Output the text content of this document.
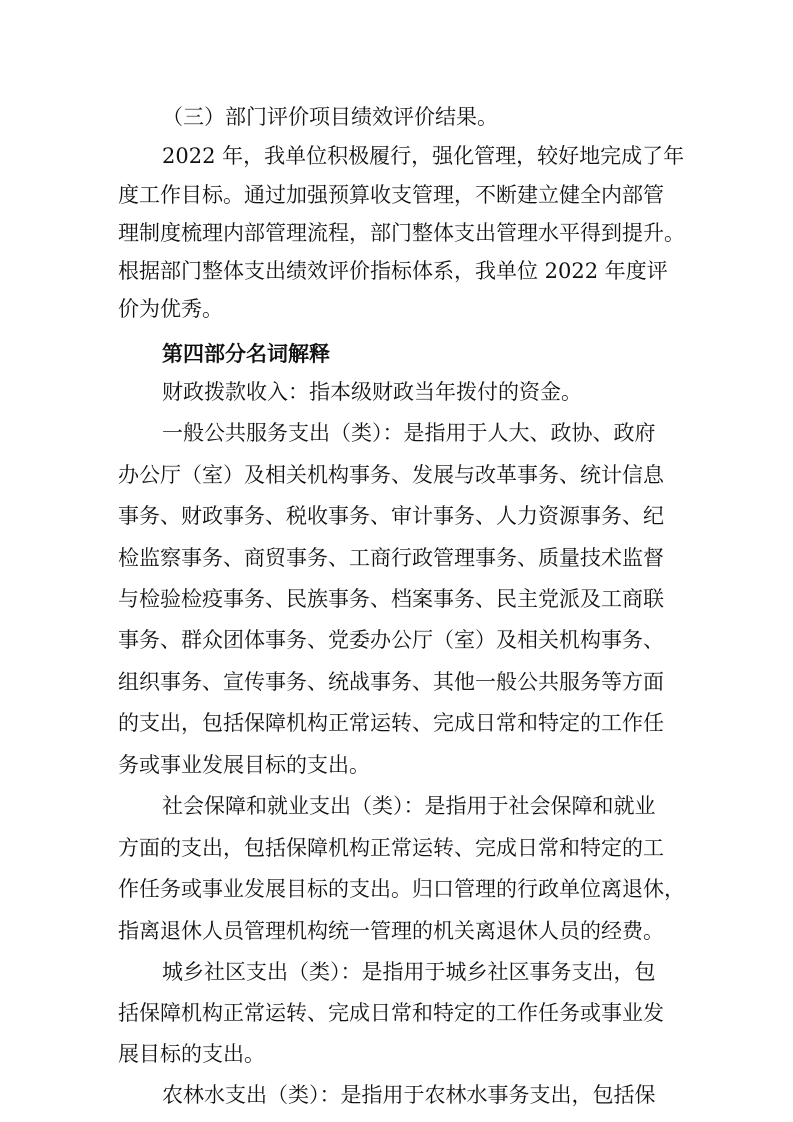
（三）部门评价项目绩效评价结果。
2022 年，我单位积极履行，强化管理，较好地完成了年
度工作目标。通过加强预算收支管理，不断建立健全内部管
理制度梳理内部管理流程，部门整体支出管理水平得到提升。
根据部门整体支出绩效评价指标体系，我单位 2022 年度评
价为优秀。
第四部分名词解释
财政拨款收入：指本级财政当年拨付的资金。
一般公共服务支出（类）：是指用于人大、政协、政府
办公厅（室）及相关机构事务、发展与改革事务、统计信息
事务、财政事务、税收事务、审计事务、人力资源事务、纪
检监察事务、商贸事务、工商行政管理事务、质量技术监督
与检验检疫事务、民族事务、档案事务、民主党派及工商联
事务、群众团体事务、党委办公厅（室）及相关机构事务、
组织事务、宣传事务、统战事务、其他一般公共服务等方面
的支出，包括保障机构正常运转、完成日常和特定的工作任
务或事业发展目标的支出。
社会保障和就业支出（类）：是指用于社会保障和就业
方面的支出，包括保障机构正常运转、完成日常和特定的工
作任务或事业发展目标的支出。归口管理的行政单位离退休，
指离退休人员管理机构统一管理的机关离退休人员的经费。
城乡社区支出（类）：是指用于城乡社区事务支出，包
括保障机构正常运转、完成日常和特定的工作任务或事业发
展目标的支出。
农林水支出（类）：是指用于农林水事务支出，包括保
